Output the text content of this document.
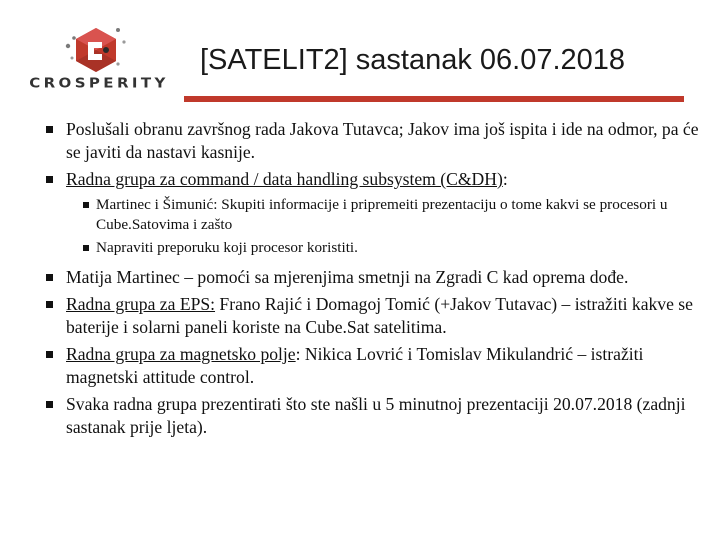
CROSPERITY
[SATELIT2] sastanak 06.07.2018
Poslušali obranu završnog rada Jakova Tutavca; Jakov ima još ispita i ide na odmor, pa će se javiti da nastavi kasnije.
Radna grupa za command / data handling subsystem (C&DH):
Martinec i Šimunić: Skupiti informacije i pripremeiti prezentaciju o tome kakvi se procesori u Cube.Satovima i zašto
Napraviti preporuku koji procesor koristiti.
Matija Martinec – pomoći sa mjerenjima smetnji na Zgradi C kad oprema dođe.
Radna grupa za EPS: Frano Rajić i Domagoj Tomić (+Jakov Tutavac) – istražiti kakve se baterije i solarni paneli koriste na Cube.Sat satelitima.
Radna grupa za magnetsko polje: Nikica Lovrić i Tomislav Mikulandrić – istražiti magnetski attitude control.
Svaka radna grupa prezentirati što ste našli u 5 minutnoj prezentaciji 20.07.2018 (zadnji sastanak prije ljeta).
